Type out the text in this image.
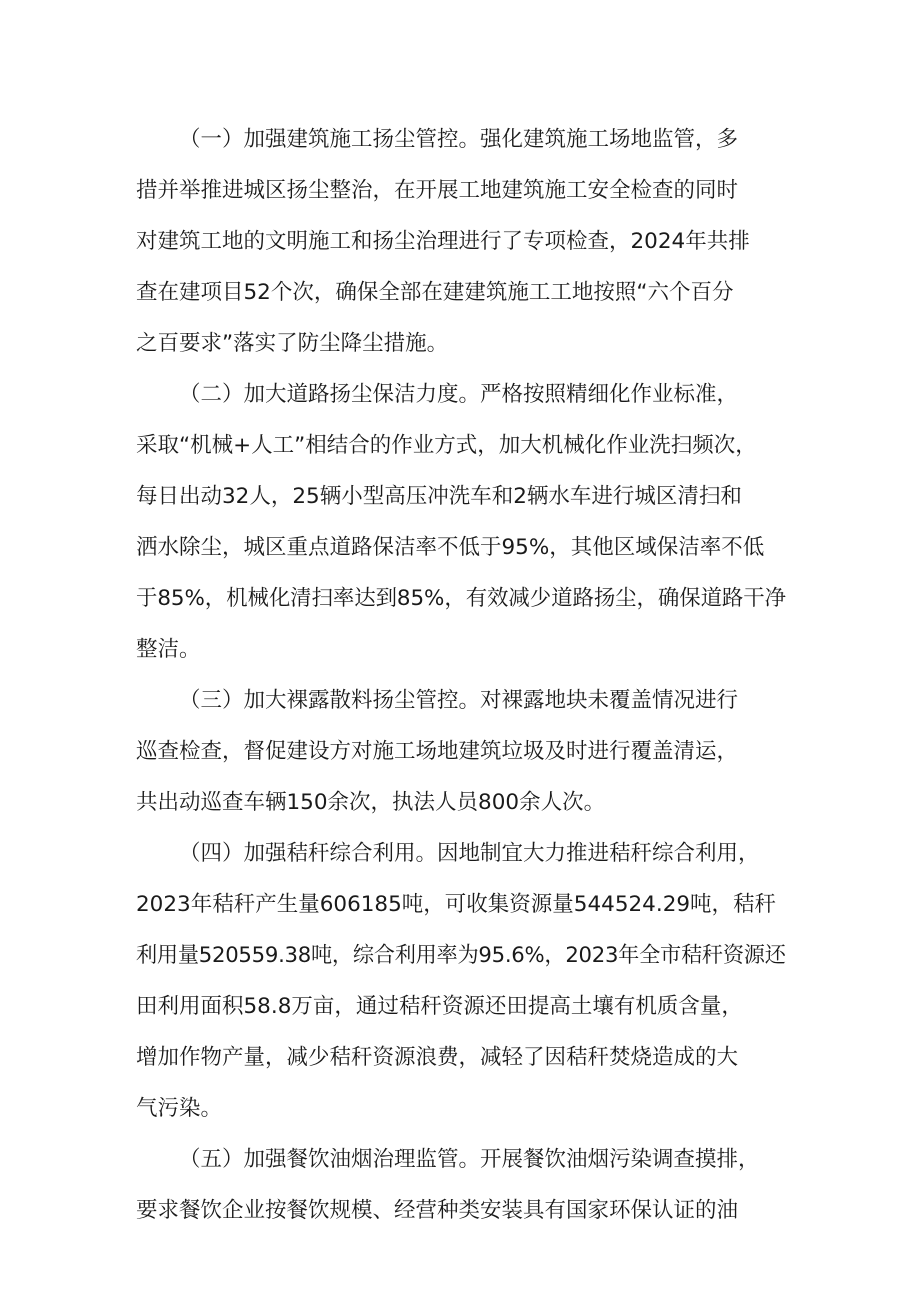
（一）加强建筑施工扬尘管控。强化建筑施工场地监管，多
措并举推进城区扬尘整治，在开展工地建筑施工安全检查的同时
对建筑工地的文明施工和扬尘治理进行了专项检查，2024年共排
查在建项目52个次，确保全部在建建筑施工工地按照“六个百分
之百要求”落实了防尘降尘措施。
（二）加大道路扬尘保洁力度。严格按照精细化作业标准，
采取“机械+人工”相结合的作业方式，加大机械化作业洗扫频次，
每日出动32人，25辆小型高压冲洗车和2辆水车进行城区清扫和
洒水除尘，城区重点道路保洁率不低于95%，其他区域保洁率不低
于85%，机械化清扫率达到85%，有效减少道路扬尘，确保道路干净
整洁。
（三）加大裸露散料扬尘管控。对裸露地块未覆盖情况进行
巡查检查，督促建设方对施工场地建筑垃圾及时进行覆盖清运，
共出动巡查车辆150余次，执法人员800余人次。
（四）加强秸秆综合利用。因地制宜大力推进秸秆综合利用，
2023年秸秆产生量606185吨，可收集资源量544524.29吨，秸秆
利用量520559.38吨，综合利用率为95.6%，2023年全市秸秆资源还
田利用面积58.8万亩，通过秸秆资源还田提高土壤有机质含量，
增加作物产量，减少秸秆资源浪费，减轻了因秸秆焚烧造成的大
气污染。
（五）加强餐饮油烟治理监管。开展餐饮油烟污染调查摸排，
要求餐饮企业按餐饮规模、经营种类安装具有国家环保认证的油
